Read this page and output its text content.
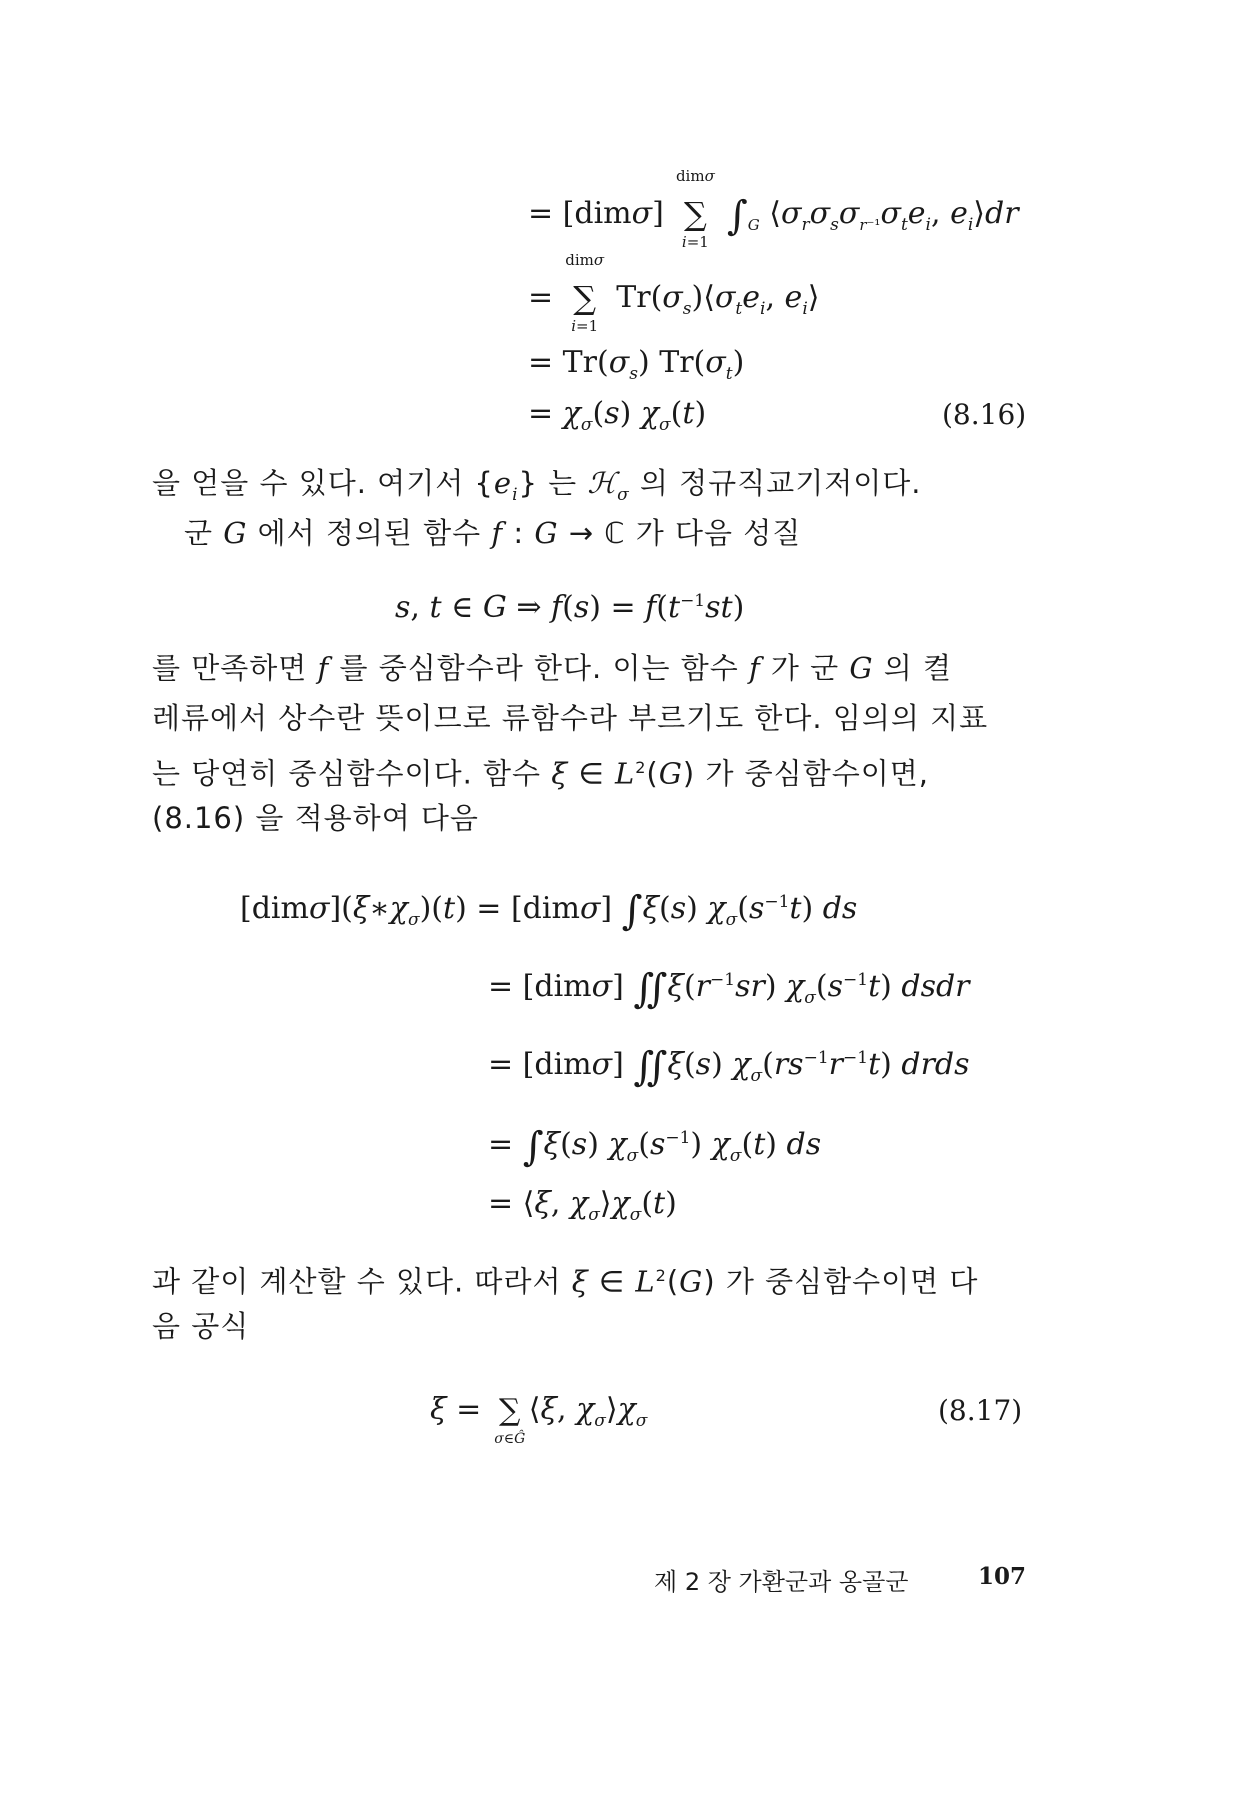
= [dimσ]
dimσ
∑
i=1
$\int_G$ $⟨\sigma_r\sigma_s\sigma_{r^{-1}}\sigma_te_i$, $e_i⟩dr$
=
dimσ
∑
i=1
$Tr(\sigma_s)⟨\sigma_te_i$, $e_i⟩$
= $Tr(\sigma_s)$ $Tr(\sigma_t)$
= $\chi_\sigma(s)$ $\chi_\sigma(t)$	(8.16)
을 얻을 수 있다. 여기서 $\{e_i\}$ 는 ℋ$_\sigma$ 의 정규직교기저이다.
군 G 에서 정의된 함수 f : G → ℂ 가 다음 성질
s, t ∈ G ⇒ $f(s) = f(t^{-1}st)$
를 만족하면 f 를 중심함수라 한다. 이는 함수 f 가 군 G 의 켤
레류에서 상수란 뜻이므로 류함수라 부르기도 한다. 임의의 지표
는 당연히 중심함수이다. 함수 ξ ∈ $L^2(G)$ 가 중심함수이면,
(8.16) 을 적용하여 다음
$[dim\sigma](\xi∗\chi_\sigma)(t) = [dim\sigma]$ ∫ξ(s) $\chi_\sigma(s^{-1}t)$ ds
= [dimσ] $∬\xi(r^{-1}sr)$ $\chi_\sigma(s^{-1}t)$ dsdr
= [dimσ] ∬ξ(s) $\chi_\sigma(rs^{-1}r^{-1}t)$ drds
= ∫ξ(s) $\chi_\sigma(s^{-1})$ $\chi_\sigma(t)$ ds
= ⟨ξ, $\chi_\sigma⟩\chi_\sigma(t)$
과 같이 계산할 수 있다. 따라서 ξ ∈ $L^2(G)$ 가 중심함수이면 다
음 공식
ξ = ∑
σ∈Ĝ
⟨ξ, $\chi_\sigma⟩\chi_\sigma$	(8.17)
제 2 장 가환군과 옹골군	107
